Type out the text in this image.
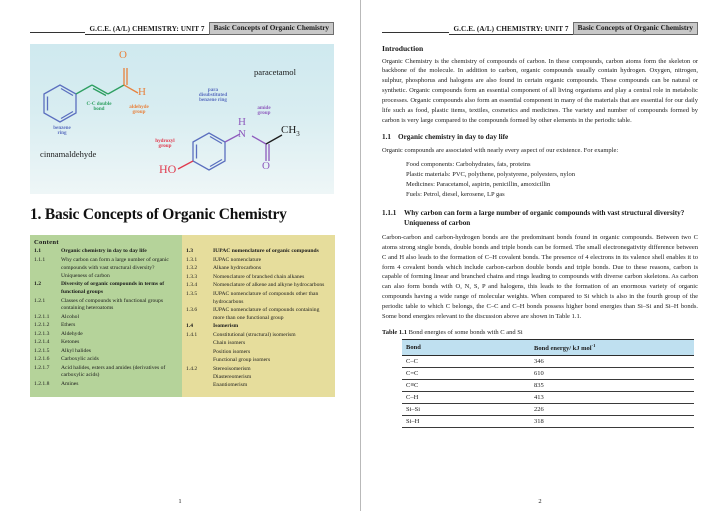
G.C.E. (A/L) CHEMISTRY: UNIT 7	Basic Concepts of Organic Chemistry
O
H
HO
H
N
O
$CH_3$
benzene
ring
C-C double
bond	aldehyde
group
para
disubstituted
benzene ring
amide
group
hydroxyl
group
cinnamaldehyde
paracetamol
1. Basic Concepts of Organic Chemistry
Content
1.1	Organic chemistry in day to day life
1.1.1	Why carbon can form a large number of organic compounds with vast structural diversity? Uniqueness of carbon
1.2	Diversity of organic compounds in terms of functional groups
1.2.1	Classes of compounds with functional groups containing heteroatoms
1.2.1.1	Alcohol
1.2.1.2	Ethers
1.2.1.3	Aldehyde
1.2.1.4	Ketones
1.2.1.5	Alkyl halides
1.2.1.6	Carboxylic acids
1.2.1.7	Acid halides, esters and amides (derivatives of carboxylic acids)
1.2.1.8	Amines
1.3	IUPAC nomenclature of organic compounds
1.3.1	IUPAC nomenclature
1.3.2	Alkane hydrocarbons
1.3.3	Nomenclature of branched chain alkanes
1.3.4	Nomenclature of alkene and alkyne hydrocarbons
1.3.5	IUPAC nomenclature of compounds other than hydrocarbons
1.3.6	IUPAC nomenclature of compounds containing more than one functional group
1.4	Isomerism
1.4.1	Constitutional (structural) isomerism
Chain isomers
Position isomers
Functional group isomers
1.4.2	Stereoisomerism
Diastereomerism
Enantiomerism
1
G.C.E. (A/L) CHEMISTRY: UNIT 7	Basic Concepts of Organic Chemistry
Introduction

Organic Chemistry is the chemistry of compounds of carbon. In these compounds, carbon atoms form the skeleton or backbone of the molecule. In addition to carbon, organic compounds usually contain hydrogen. Oxygen, nitrogen, sulphur, phosphorus and halogens are also found in certain organic compounds. These compounds can be natural or synthetic. Organic compounds form an essential component of all living organisms and play a central role in metabolic processes. Organic compounds also form an essential component in many of the materials that are essential for our daily life such as food, plastic items, textiles, cosmetics and medicines. The variety and number of compounds formed by carbon is very large compared to the compounds formed by other elements in the periodic table.

1.1 Organic chemistry in day to day life

Organic compounds are associated with nearly every aspect of our existence. For example:

Food components: Carbohydrates, fats, proteins
Plastic materials: PVC, polythene, polystyrene, polyesters, nylon
Medicines: Paracetamol, aspirin, penicillin, amoxicillin
Fuels: Petrol, diesel, kerosene, LP gas
1.1.1 Why carbon can form a large number of organic compounds with vast structural diversity? Uniqueness of carbon

Carbon-carbon and carbon-hydrogen bonds are the predominant bonds found in organic compounds. Between two C atoms strong single bonds, double bonds and triple bonds can be formed. The small electronegativity difference between C and H also leads to the formation of C–H covalent bonds. The presence of 4 electrons in its valence shell enables it to form 4 covalent bonds which include carbon-carbon double bonds and triple bonds. Due to these reasons, carbon is capable of forming linear and branched chains and rings leading to compounds with diverse carbon skeletons. As carbon can also form bonds with O, N, S, P and halogens, this leads to the formation of an enormous variety of organic compounds having a wide range of molecular weights. When compared to Si which is also in the fourth group of the periodic table to which C belongs, the C–C and C–H bonds possess higher bond energies than Si–Si and Si–H bonds. Some bond energies relevant to the discussion above are shown in Table 1.1.

Table 1.1 Bond energies of some bonds with C and Si
Bond	Bond energy/ kJ mol$^{-1}$
C–C	346
C=C	610
C≡C	835
C–H	413
Si–Si	226
Si–H	318
2
